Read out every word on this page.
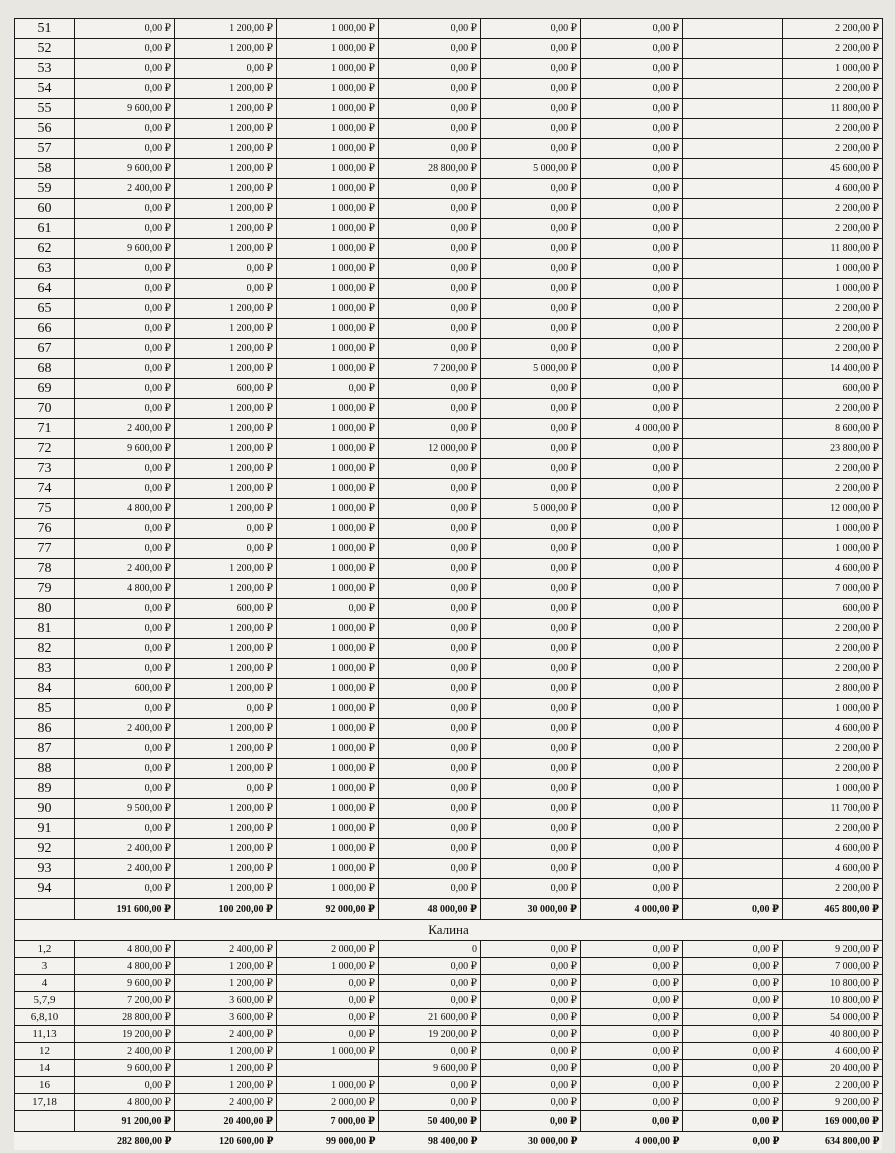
51	0,00 ₽	1 200,00 ₽	1 000,00 ₽	0,00 ₽	0,00 ₽	0,00 ₽		2 200,00 ₽
52	0,00 ₽	1 200,00 ₽	1 000,00 ₽	0,00 ₽	0,00 ₽	0,00 ₽		2 200,00 ₽
53	0,00 ₽	0,00 ₽	1 000,00 ₽	0,00 ₽	0,00 ₽	0,00 ₽		1 000,00 ₽
54	0,00 ₽	1 200,00 ₽	1 000,00 ₽	0,00 ₽	0,00 ₽	0,00 ₽		2 200,00 ₽
55	9 600,00 ₽	1 200,00 ₽	1 000,00 ₽	0,00 ₽	0,00 ₽	0,00 ₽		11 800,00 ₽
56	0,00 ₽	1 200,00 ₽	1 000,00 ₽	0,00 ₽	0,00 ₽	0,00 ₽		2 200,00 ₽
57	0,00 ₽	1 200,00 ₽	1 000,00 ₽	0,00 ₽	0,00 ₽	0,00 ₽		2 200,00 ₽
58	9 600,00 ₽	1 200,00 ₽	1 000,00 ₽	28 800,00 ₽	5 000,00 ₽	0,00 ₽		45 600,00 ₽
59	2 400,00 ₽	1 200,00 ₽	1 000,00 ₽	0,00 ₽	0,00 ₽	0,00 ₽		4 600,00 ₽
60	0,00 ₽	1 200,00 ₽	1 000,00 ₽	0,00 ₽	0,00 ₽	0,00 ₽		2 200,00 ₽
61	0,00 ₽	1 200,00 ₽	1 000,00 ₽	0,00 ₽	0,00 ₽	0,00 ₽		2 200,00 ₽
62	9 600,00 ₽	1 200,00 ₽	1 000,00 ₽	0,00 ₽	0,00 ₽	0,00 ₽		11 800,00 ₽
63	0,00 ₽	0,00 ₽	1 000,00 ₽	0,00 ₽	0,00 ₽	0,00 ₽		1 000,00 ₽
64	0,00 ₽	0,00 ₽	1 000,00 ₽	0,00 ₽	0,00 ₽	0,00 ₽		1 000,00 ₽
65	0,00 ₽	1 200,00 ₽	1 000,00 ₽	0,00 ₽	0,00 ₽	0,00 ₽		2 200,00 ₽
66	0,00 ₽	1 200,00 ₽	1 000,00 ₽	0,00 ₽	0,00 ₽	0,00 ₽		2 200,00 ₽
67	0,00 ₽	1 200,00 ₽	1 000,00 ₽	0,00 ₽	0,00 ₽	0,00 ₽		2 200,00 ₽
68	0,00 ₽	1 200,00 ₽	1 000,00 ₽	7 200,00 ₽	5 000,00 ₽	0,00 ₽		14 400,00 ₽
69	0,00 ₽	600,00 ₽	0,00 ₽	0,00 ₽	0,00 ₽	0,00 ₽		600,00 ₽
70	0,00 ₽	1 200,00 ₽	1 000,00 ₽	0,00 ₽	0,00 ₽	0,00 ₽		2 200,00 ₽
71	2 400,00 ₽	1 200,00 ₽	1 000,00 ₽	0,00 ₽	0,00 ₽	4 000,00 ₽		8 600,00 ₽
72	9 600,00 ₽	1 200,00 ₽	1 000,00 ₽	12 000,00 ₽	0,00 ₽	0,00 ₽		23 800,00 ₽
73	0,00 ₽	1 200,00 ₽	1 000,00 ₽	0,00 ₽	0,00 ₽	0,00 ₽		2 200,00 ₽
74	0,00 ₽	1 200,00 ₽	1 000,00 ₽	0,00 ₽	0,00 ₽	0,00 ₽		2 200,00 ₽
75	4 800,00 ₽	1 200,00 ₽	1 000,00 ₽	0,00 ₽	5 000,00 ₽	0,00 ₽		12 000,00 ₽
76	0,00 ₽	0,00 ₽	1 000,00 ₽	0,00 ₽	0,00 ₽	0,00 ₽		1 000,00 ₽
77	0,00 ₽	0,00 ₽	1 000,00 ₽	0,00 ₽	0,00 ₽	0,00 ₽		1 000,00 ₽
78	2 400,00 ₽	1 200,00 ₽	1 000,00 ₽	0,00 ₽	0,00 ₽	0,00 ₽		4 600,00 ₽
79	4 800,00 ₽	1 200,00 ₽	1 000,00 ₽	0,00 ₽	0,00 ₽	0,00 ₽		7 000,00 ₽
80	0,00 ₽	600,00 ₽	0,00 ₽	0,00 ₽	0,00 ₽	0,00 ₽		600,00 ₽
81	0,00 ₽	1 200,00 ₽	1 000,00 ₽	0,00 ₽	0,00 ₽	0,00 ₽		2 200,00 ₽
82	0,00 ₽	1 200,00 ₽	1 000,00 ₽	0,00 ₽	0,00 ₽	0,00 ₽		2 200,00 ₽
83	0,00 ₽	1 200,00 ₽	1 000,00 ₽	0,00 ₽	0,00 ₽	0,00 ₽		2 200,00 ₽
84	600,00 ₽	1 200,00 ₽	1 000,00 ₽	0,00 ₽	0,00 ₽	0,00 ₽		2 800,00 ₽
85	0,00 ₽	0,00 ₽	1 000,00 ₽	0,00 ₽	0,00 ₽	0,00 ₽		1 000,00 ₽
86	2 400,00 ₽	1 200,00 ₽	1 000,00 ₽	0,00 ₽	0,00 ₽	0,00 ₽		4 600,00 ₽
87	0,00 ₽	1 200,00 ₽	1 000,00 ₽	0,00 ₽	0,00 ₽	0,00 ₽		2 200,00 ₽
88	0,00 ₽	1 200,00 ₽	1 000,00 ₽	0,00 ₽	0,00 ₽	0,00 ₽		2 200,00 ₽
89	0,00 ₽	0,00 ₽	1 000,00 ₽	0,00 ₽	0,00 ₽	0,00 ₽		1 000,00 ₽
90	9 500,00 ₽	1 200,00 ₽	1 000,00 ₽	0,00 ₽	0,00 ₽	0,00 ₽		11 700,00 ₽
91	0,00 ₽	1 200,00 ₽	1 000,00 ₽	0,00 ₽	0,00 ₽	0,00 ₽		2 200,00 ₽
92	2 400,00 ₽	1 200,00 ₽	1 000,00 ₽	0,00 ₽	0,00 ₽	0,00 ₽		4 600,00 ₽
93	2 400,00 ₽	1 200,00 ₽	1 000,00 ₽	0,00 ₽	0,00 ₽	0,00 ₽		4 600,00 ₽
94	0,00 ₽	1 200,00 ₽	1 000,00 ₽	0,00 ₽	0,00 ₽	0,00 ₽		2 200,00 ₽
	191 600,00 ₽	100 200,00 ₽	92 000,00 ₽	48 000,00 ₽	30 000,00 ₽	4 000,00 ₽	0,00 ₽	465 800,00 ₽
Калина								
1,2	4 800,00 ₽	2 400,00 ₽	2 000,00 ₽	0	0,00 ₽	0,00 ₽	0,00 ₽	9 200,00 ₽
3	4 800,00 ₽	1 200,00 ₽	1 000,00 ₽	0,00 ₽	0,00 ₽	0,00 ₽	0,00 ₽	7 000,00 ₽
4	9 600,00 ₽	1 200,00 ₽	0,00 ₽	0,00 ₽	0,00 ₽	0,00 ₽	0,00 ₽	10 800,00 ₽
5,7,9	7 200,00 ₽	3 600,00 ₽	0,00 ₽	0,00 ₽	0,00 ₽	0,00 ₽	0,00 ₽	10 800,00 ₽
6,8,10	28 800,00 ₽	3 600,00 ₽	0,00 ₽	21 600,00 ₽	0,00 ₽	0,00 ₽	0,00 ₽	54 000,00 ₽
11,13	19 200,00 ₽	2 400,00 ₽	0,00 ₽	19 200,00 ₽	0,00 ₽	0,00 ₽	0,00 ₽	40 800,00 ₽
12	2 400,00 ₽	1 200,00 ₽	1 000,00 ₽	0,00 ₽	0,00 ₽	0,00 ₽	0,00 ₽	4 600,00 ₽
14	9 600,00 ₽	1 200,00 ₽		9 600,00 ₽	0,00 ₽	0,00 ₽	0,00 ₽	20 400,00 ₽
16	0,00 ₽	1 200,00 ₽	1 000,00 ₽	0,00 ₽	0,00 ₽	0,00 ₽	0,00 ₽	2 200,00 ₽
17,18	4 800,00 ₽	2 400,00 ₽	2 000,00 ₽	0,00 ₽	0,00 ₽	0,00 ₽	0,00 ₽	9 200,00 ₽
	91 200,00 ₽	20 400,00 ₽	7 000,00 ₽	50 400,00 ₽	0,00 ₽	0,00 ₽	0,00 ₽	169 000,00 ₽
	282 800,00 ₽	120 600,00 ₽	99 000,00 ₽	98 400,00 ₽	30 000,00 ₽	4 000,00 ₽	0,00 ₽	634 800,00 ₽
